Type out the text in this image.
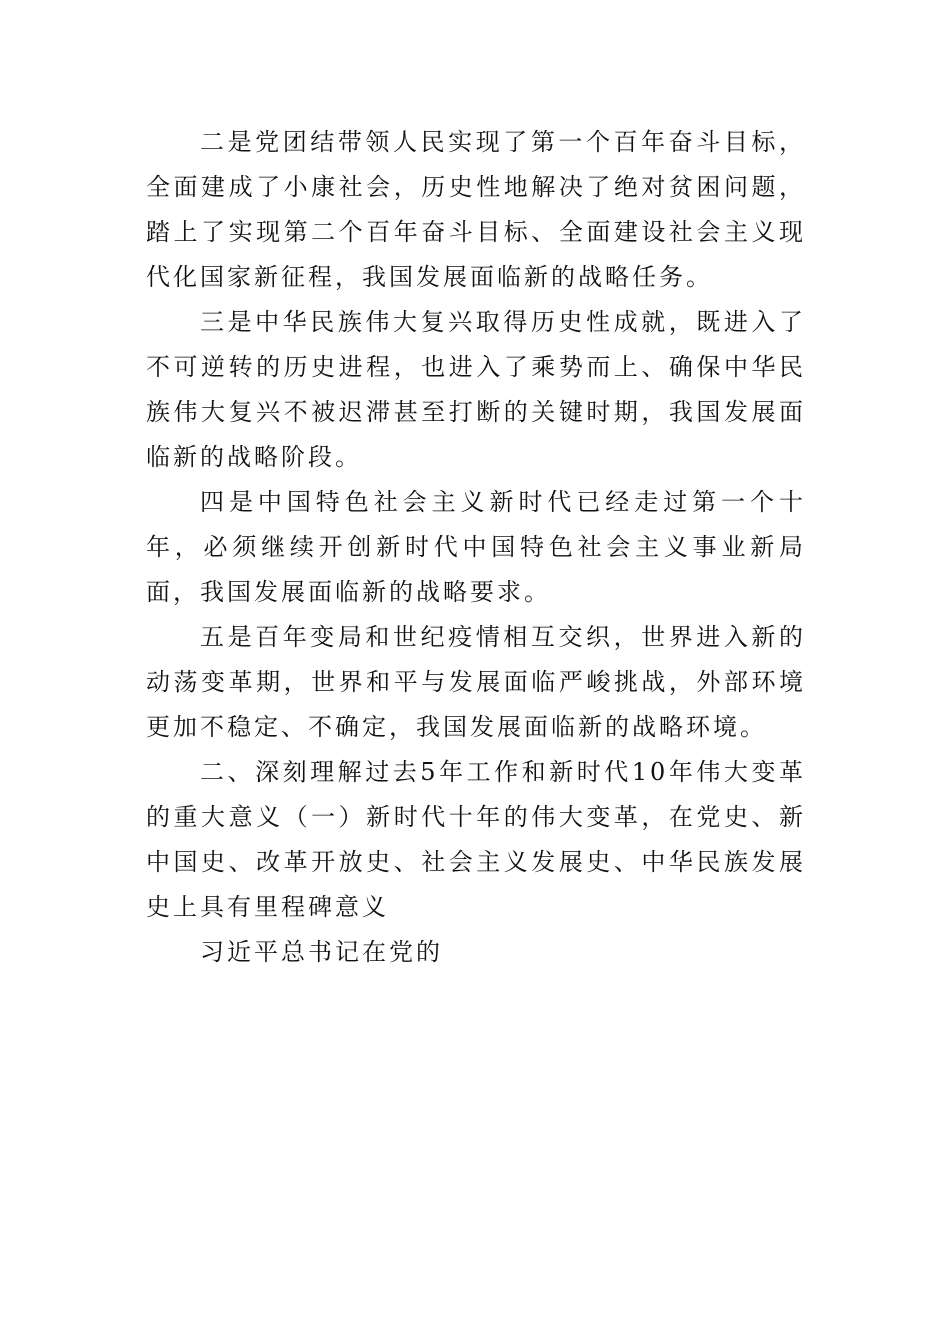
二是党团结带领人民实现了第一个百年奋斗目标，全面建成了小康社会，历史性地解决了绝对贫困问题，踏上了实现第二个百年奋斗目标、全面建设社会主义现代化国家新征程，我国发展面临新的战略任务。

三是中华民族伟大复兴取得历史性成就，既进入了不可逆转的历史进程，也进入了乘势而上、确保中华民族伟大复兴不被迟滞甚至打断的关键时期，我国发展面临新的战略阶段。

四是中国特色社会主义新时代已经走过第一个十年，必须继续开创新时代中国特色社会主义事业新局面，我国发展面临新的战略要求。

五是百年变局和世纪疫情相互交织，世界进入新的动荡变革期，世界和平与发展面临严峻挑战，外部环境更加不稳定、不确定，我国发展面临新的战略环境。

二、深刻理解过去5年工作和新时代10年伟大变革的重大意义（一）新时代十年的伟大变革，在党史、新中国史、改革开放史、社会主义发展史、中华民族发展史上具有里程碑意义

习近平总书记在党的
